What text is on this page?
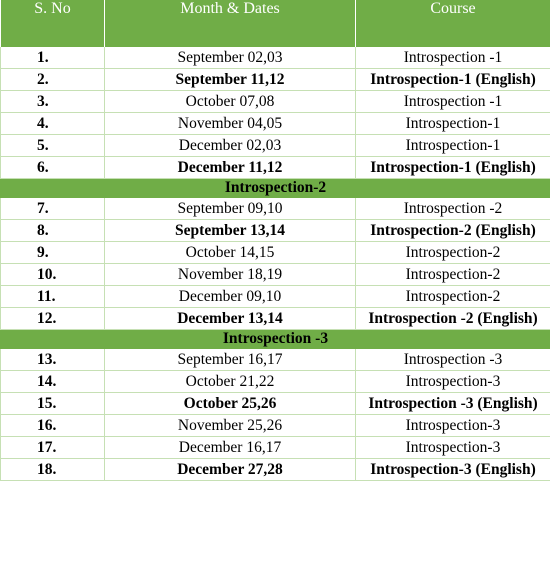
S. No	Month & Dates	Course
1.	September 02,03	Introspection -1
2.	September 11,12	Introspection-1 (English)
3.	October 07,08	Introspection -1
4.	November 04,05	Introspection-1
5.	December 02,03	Introspection-1
6.	December 11,12	Introspection-1 (English)
Introspection-2		
7.	September 09,10	Introspection -2
8.	September 13,14	Introspection-2 (English)
9.	October 14,15	Introspection-2
10.	November 18,19	Introspection-2
11.	December 09,10	Introspection-2
12.	December 13,14	Introspection -2 (English)
Introspection -3		
13.	September 16,17	Introspection -3
14.	October 21,22	Introspection-3
15.	October 25,26	Introspection -3 (English)
16.	November 25,26	Introspection-3
17.	December 16,17	Introspection-3
18.	December 27,28	Introspection-3 (English)
